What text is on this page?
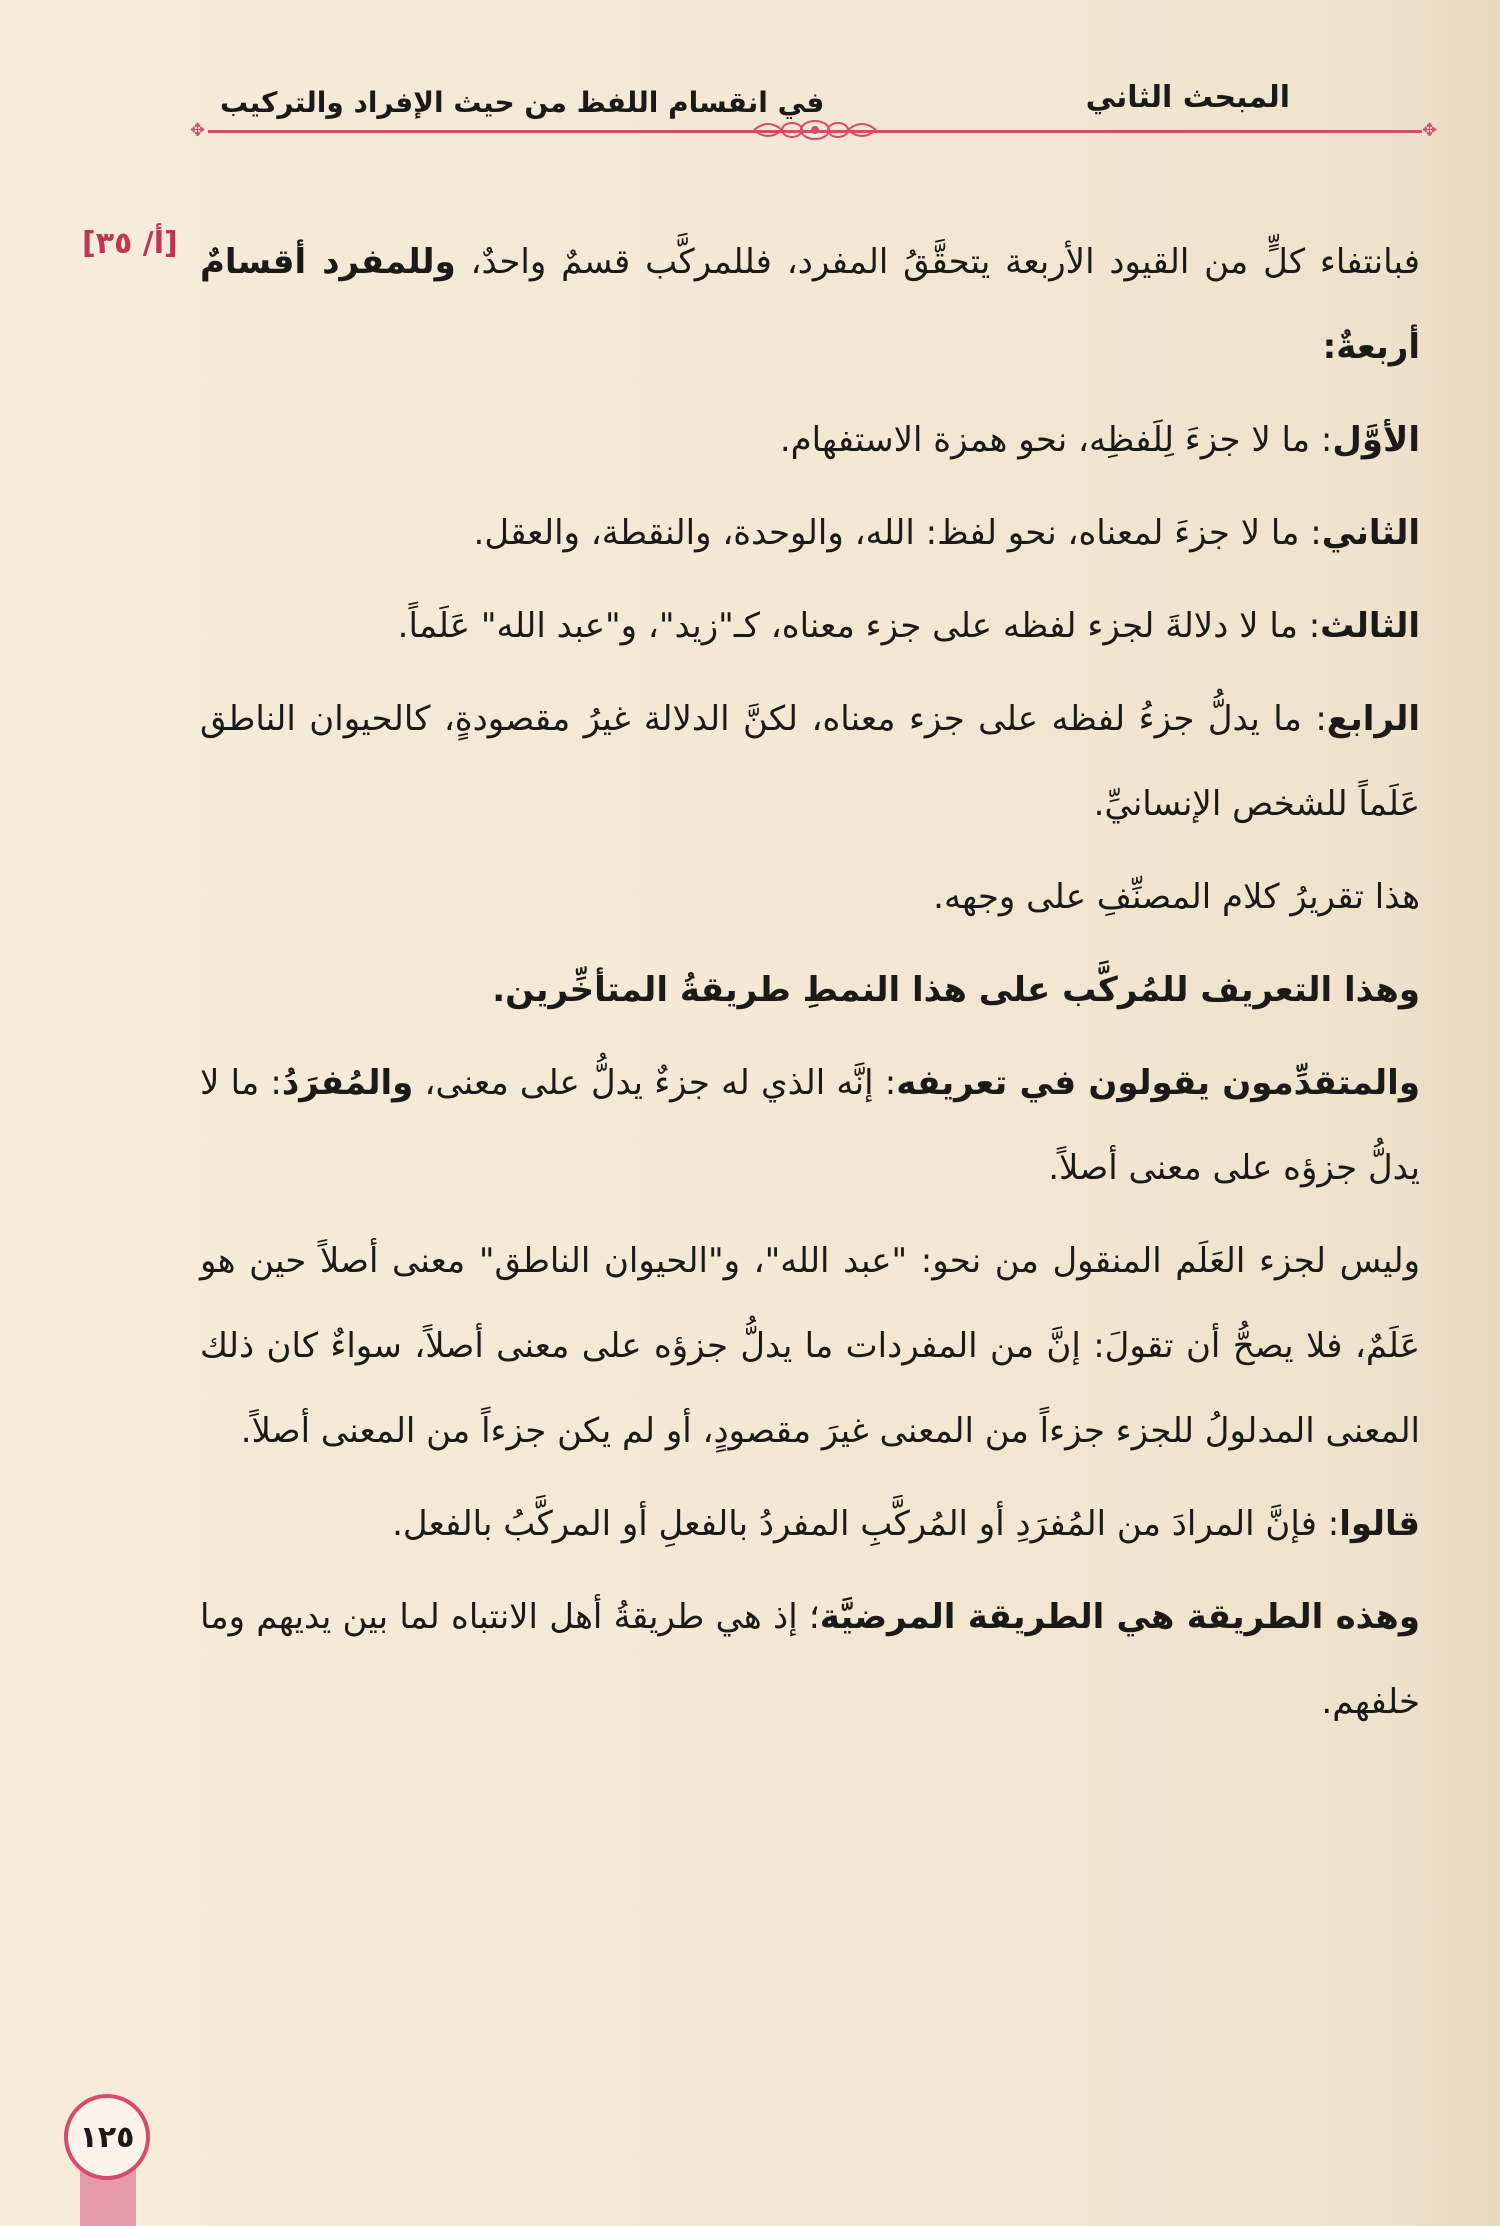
المبحث الثاني
في انقسام اللفظ من حيث الإفراد والتركيب
✥	✥
[أ/ ٣٥]	فبانتفاء كلٍّ من القيود الأربعة يتحقَّقُ المفرد، فللمركَّب قسمٌ واحدٌ، وللمفرد أقسامٌ أربعةٌ:

الأوَّل: ما لا جزءَ لِلَفظِه، نحو همزة الاستفهام.

الثاني: ما لا جزءَ لمعناه، نحو لفظ: الله، والوحدة، والنقطة، والعقل.

الثالث: ما لا دلالةَ لجزء لفظه على جزء معناه، كـ"زيد"، و"عبد الله" عَلَماً.

الرابع: ما يدلُّ جزءُ لفظه على جزء معناه، لكنَّ الدلالة غيرُ مقصودةٍ، كالحيوان الناطق عَلَماً للشخص الإنسانيِّ.

هذا تقريرُ كلام المصنِّفِ على وجهه.

وهذا التعريف للمُركَّب على هذا النمطِ طريقةُ المتأخِّرين.

والمتقدِّمون يقولون في تعريفه: إنَّه الذي له جزءٌ يدلُّ على معنى، والمُفرَدُ: ما لا يدلُّ جزؤه على معنى أصلاً.

وليس لجزء العَلَم المنقول من نحو: "عبد الله"، و"الحيوان الناطق" معنى أصلاً حين هو عَلَمٌ، فلا يصحُّ أن تقولَ: إنَّ من المفردات ما يدلُّ جزؤه على معنى أصلاً، سواءٌ كان ذلك المعنى المدلولُ للجزء جزءاً من المعنى غيرَ مقصودٍ، أو لم يكن جزءاً من المعنى أصلاً.

قالوا: فإنَّ المرادَ من المُفرَدِ أو المُركَّبِ المفردُ بالفعلِ أو المركَّبُ بالفعل.

وهذه الطريقة هي الطريقة المرضيَّة؛ إذ هي طريقةُ أهل الانتباه لما بين يديهم وما خلفهم.

١٢٥
